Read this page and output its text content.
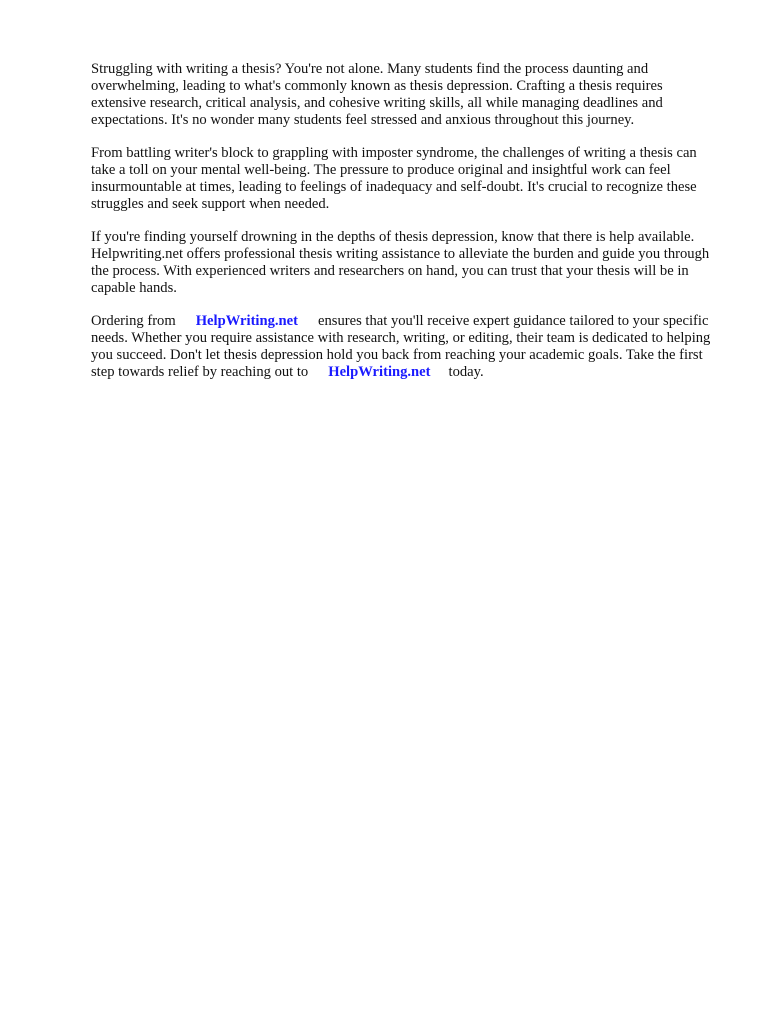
Struggling with writing a thesis? You're not alone. Many students find the process daunting and overwhelming, leading to what's commonly known as thesis depression. Crafting a thesis requires extensive research, critical analysis, and cohesive writing skills, all while managing deadlines and expectations. It's no wonder many students feel stressed and anxious throughout this journey.

From battling writer's block to grappling with imposter syndrome, the challenges of writing a thesis can take a toll on your mental well-being. The pressure to produce original and insightful work can feel insurmountable at times, leading to feelings of inadequacy and self-doubt. It's crucial to recognize these struggles and seek support when needed.

If you're finding yourself drowning in the depths of thesis depression, know that there is help available. Helpwriting.net offers professional thesis writing assistance to alleviate the burden and guide you through the process. With experienced writers and researchers on hand, you can trust that your thesis will be in capable hands.

Ordering from HelpWriting.net ensures that you'll receive expert guidance tailored to your specific needs. Whether you require assistance with research, writing, or editing, their team is dedicated to helping you succeed. Don't let thesis depression hold you back from reaching your academic goals. Take the first step towards relief by reaching out to HelpWriting.net today.
